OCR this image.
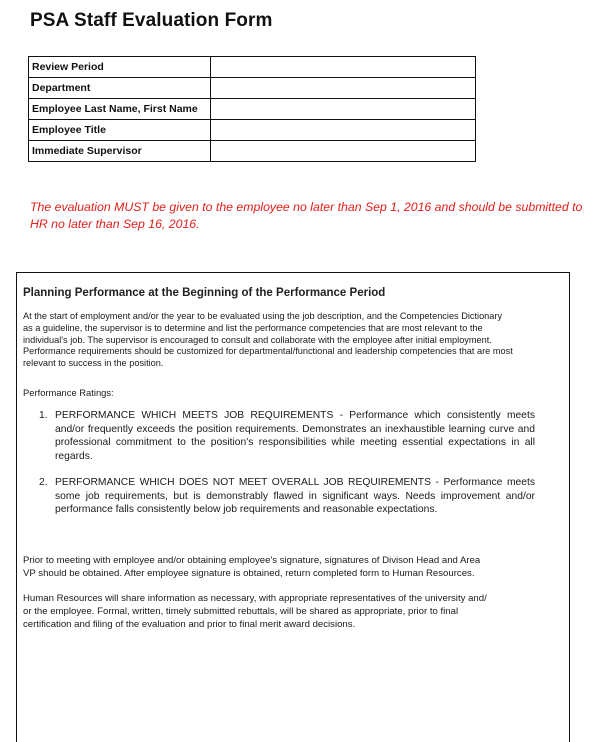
PSA Staff Evaluation Form
Review Period	
Department	
Employee Last Name, First Name	
Employee Title	
Immediate Supervisor	
The evaluation MUST be given to the employee no later than Sep 1, 2016 and should be submitted to HR no later than Sep 16, 2016.
Planning Performance at the Beginning of the Performance Period

At the start of employment and/or the year to be evaluated using the job description, and the Competencies Dictionary

as a guideline, the supervisor is to determine and list the performance competencies that are most relevant to the

individual's job. The supervisor is encouraged to consult and collaborate with the employee after initial employment.

Performance requirements should be customized for departmental/functional and leadership competencies that are most

relevant to success in the position.

Performance Ratings:
1. PERFORMANCE WHICH MEETS JOB REQUIREMENTS - Performance which consistently meets and/or frequently exceeds the position requirements. Demonstrates an inexhaustible learning curve and professional commitment to the position's responsibilities while meeting essential expectations in all regards.
2. PERFORMANCE WHICH DOES NOT MEET OVERALL JOB REQUIREMENTS - Performance meets some job requirements, but is demonstrably flawed in significant ways. Needs improvement and/or performance falls consistently below job requirements and reasonable expectations.

Prior to meeting with employee and/or obtaining employee's signature, signatures of Divison Head and Area

VP should be obtained. After employee signature is obtained, return completed form to Human Resources.

Human Resources will share information as necessary, with appropriate representatives of the university and/

or the employee. Formal, written, timely submitted rebuttals, will be shared as appropriate, prior to final

certification and filing of the evaluation and prior to final merit award decisions.
